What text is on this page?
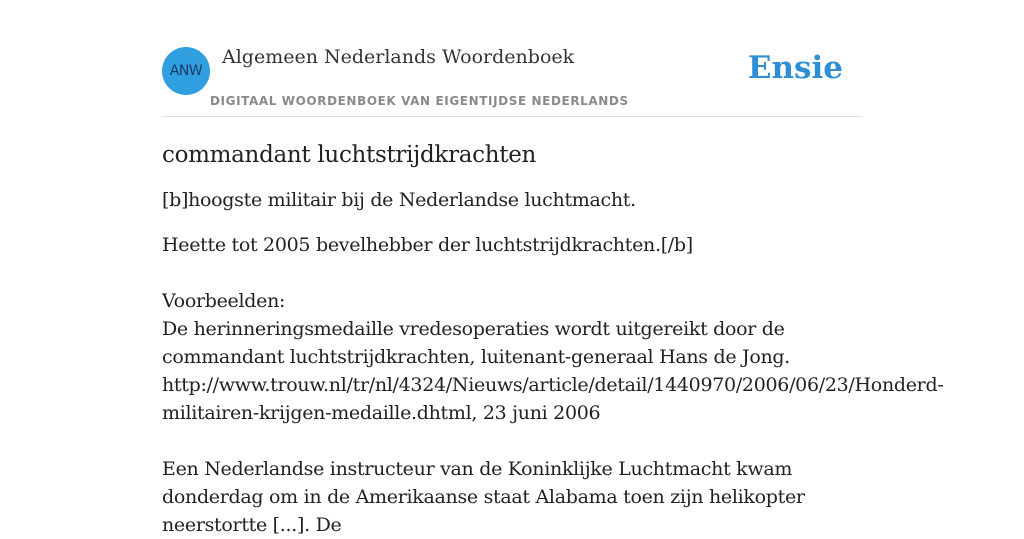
ANW
Algemeen Nederlands Woordenboek
DIGITAAL WOORDENBOEK VAN EIGENTIJDSE NEDERLANDS
Ensie
commandant luchtstrijdkrachten

[b]hoogste militair bij de Nederlandse luchtmacht.

Heette tot 2005 bevelhebber der luchtstrijdkrachten.[/b]

Voorbeelden:
De herinneringsmedaille vredesoperaties wordt uitgereikt door de commandant luchtstrijdkrachten, luitenant-generaal Hans de Jong.
http://www.trouw.nl/tr/nl/4324/Nieuws/article/detail/1440970/2006/06/23/Honderd-militairen-krijgen-medaille.dhtml, 23 juni 2006

Een Nederlandse instructeur van de Koninklijke Luchtmacht kwam donderdag om in de Amerikaanse staat Alabama toen zijn helikopter neerstortte [...]. De
